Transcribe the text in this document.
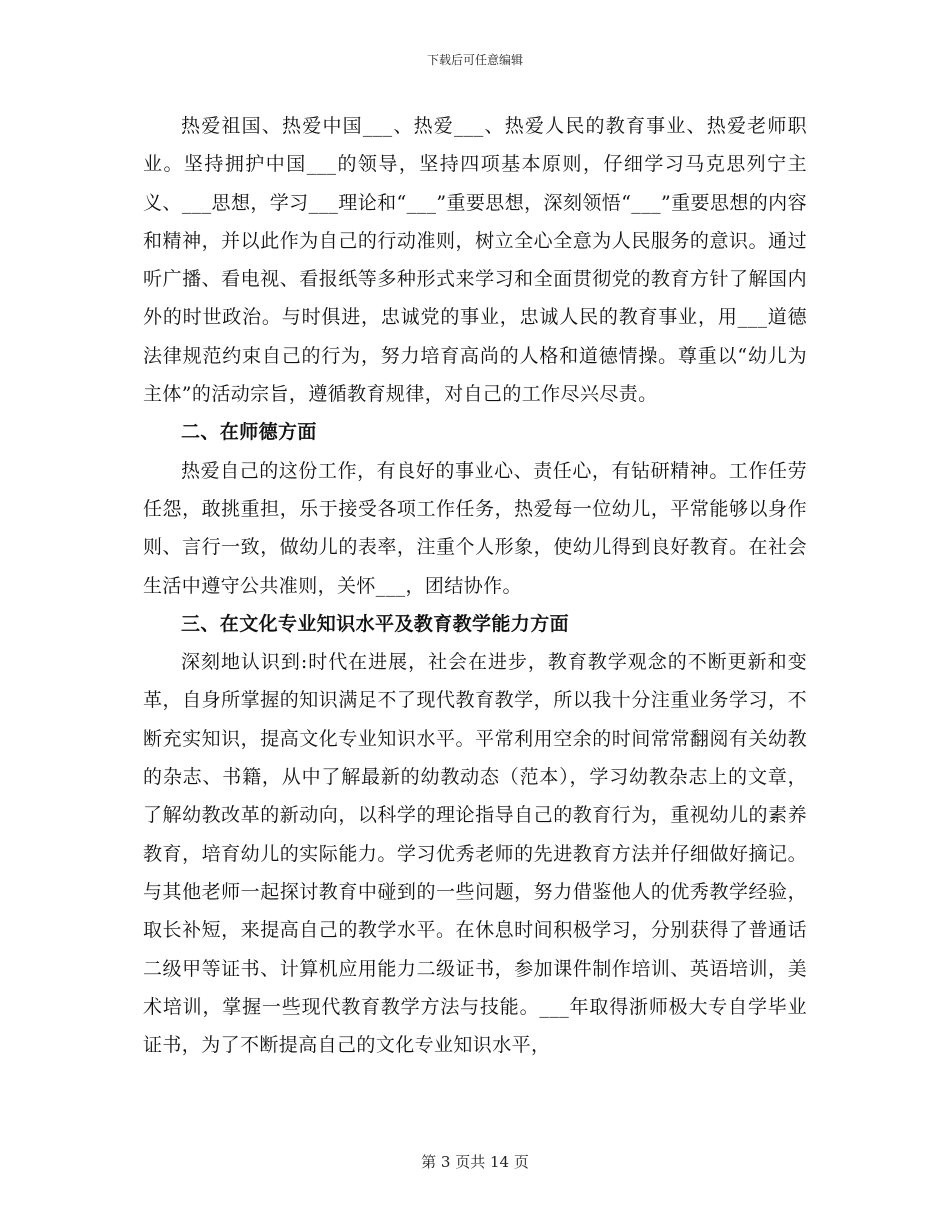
下载后可任意编辑

热爱祖国、热爱中国___、热爱___、热爱人民的教育事业、热爱老师职业。坚持拥护中国___的领导，坚持四项基本原则，仔细学习马克思列宁主义、___思想，学习___理论和“___”重要思想，深刻领悟“___”重要思想的内容和精神，并以此作为自己的行动准则，树立全心全意为人民服务的意识。通过听广播、看电视、看报纸等多种形式来学习和全面贯彻党的教育方针了解国内外的时世政治。与时俱进，忠诚党的事业，忠诚人民的教育事业，用___道德法律规范约束自己的行为，努力培育高尚的人格和道德情操。尊重以“幼儿为主体”的活动宗旨，遵循教育规律，对自己的工作尽兴尽责。

二、在师德方面

热爱自己的这份工作，有良好的事业心、责任心，有钻研精神。工作任劳任怨，敢挑重担，乐于接受各项工作任务，热爱每一位幼儿，平常能够以身作则、言行一致，做幼儿的表率，注重个人形象，使幼儿得到良好教育。在社会生活中遵守公共准则，关怀___，团结协作。

三、在文化专业知识水平及教育教学能力方面

深刻地认识到:时代在进展，社会在进步，教育教学观念的不断更新和变革，自身所掌握的知识满足不了现代教育教学，所以我十分注重业务学习，不断充实知识，提高文化专业知识水平。平常利用空余的时间常常翻阅有关幼教的杂志、书籍，从中了解最新的幼教动态（范本），学习幼教杂志上的文章，了解幼教改革的新动向，以科学的理论指导自己的教育行为，重视幼儿的素养教育，培育幼儿的实际能力。学习优秀老师的先进教育方法并仔细做好摘记。与其他老师一起探讨教育中碰到的一些问题，努力借鉴他人的优秀教学经验，取长补短，来提高自己的教学水平。在休息时间积极学习，分别获得了普通话二级甲等证书、计算机应用能力二级证书，参加课件制作培训、英语培训，美术培训，掌握一些现代教育教学方法与技能。___年取得浙师极大专自学毕业证书，为了不断提高自己的文化专业知识水平，

第 3 页共 14 页
